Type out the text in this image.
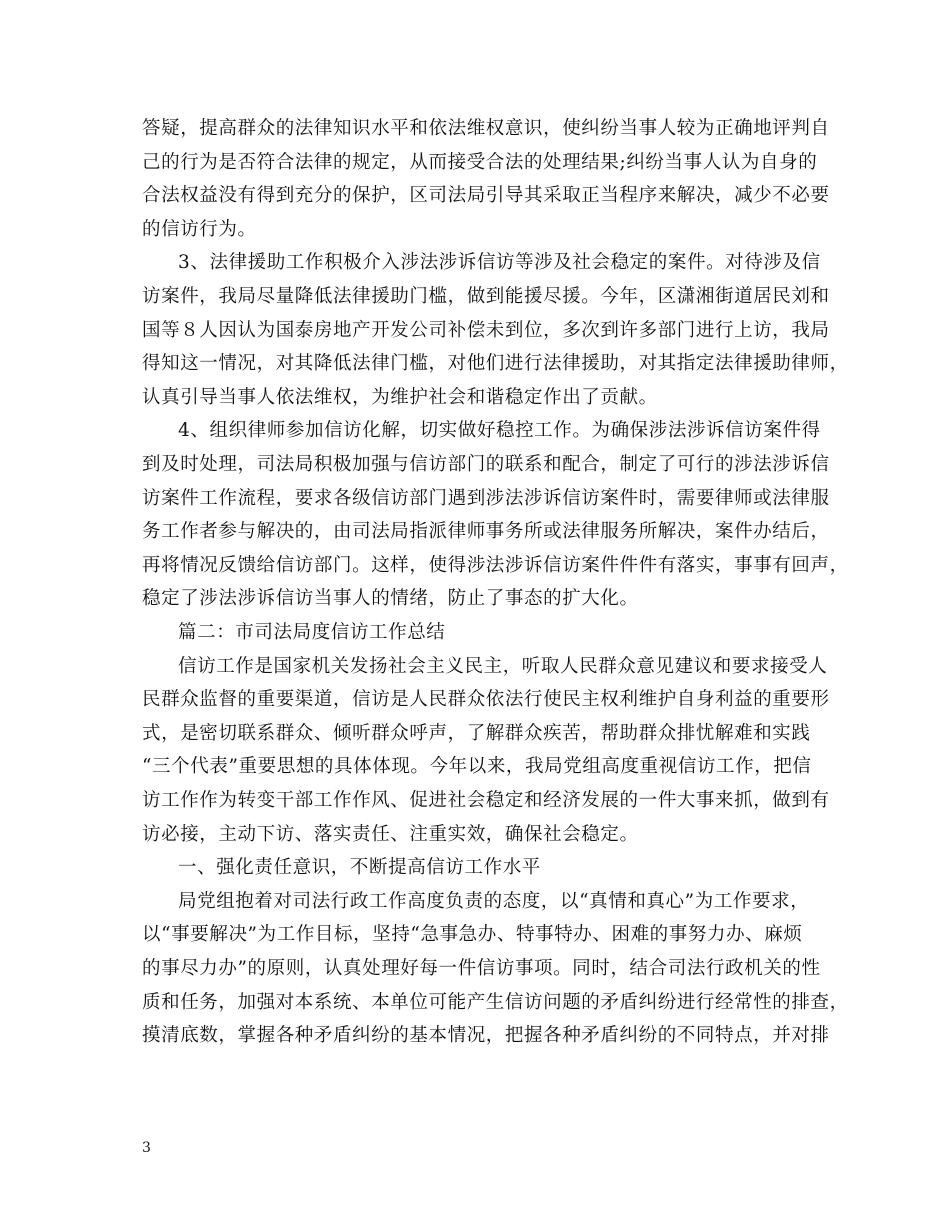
答疑，提高群众的法律知识水平和依法维权意识，使纠纷当事人较为正确地评判自
己的行为是否符合法律的规定，从而接受合法的处理结果;纠纷当事人认为自身的
合法权益没有得到充分的保护，区司法局引导其采取正当程序来解决，减少不必要
的信访行为。
3、法律援助工作积极介入涉法涉诉信访等涉及社会稳定的案件。对待涉及信
访案件，我局尽量降低法律援助门槛，做到能援尽援。今年，区潇湘街道居民刘和
国等８人因认为国泰房地产开发公司补偿未到位，多次到许多部门进行上访，我局
得知这一情况，对其降低法律门槛，对他们进行法律援助，对其指定法律援助律师，
认真引导当事人依法维权，为维护社会和谐稳定作出了贡献。
4、组织律师参加信访化解，切实做好稳控工作。为确保涉法涉诉信访案件得
到及时处理，司法局积极加强与信访部门的联系和配合，制定了可行的涉法涉诉信
访案件工作流程，要求各级信访部门遇到涉法涉诉信访案件时，需要律师或法律服
务工作者参与解决的，由司法局指派律师事务所或法律服务所解决，案件办结后，
再将情况反馈给信访部门。这样，使得涉法涉诉信访案件件件有落实，事事有回声，
稳定了涉法涉诉信访当事人的情绪，防止了事态的扩大化。
篇二：市司法局度信访工作总结
信访工作是国家机关发扬社会主义民主，听取人民群众意见建议和要求接受人
民群众监督的重要渠道，信访是人民群众依法行使民主权利维护自身利益的重要形
式，是密切联系群众、倾听群众呼声，了解群众疾苦，帮助群众排忧解难和实践
“三个代表”重要思想的具体体现。今年以来，我局党组高度重视信访工作，把信
访工作作为转变干部工作作风、促进社会稳定和经济发展的一件大事来抓，做到有
访必接，主动下访、落实责任、注重实效，确保社会稳定。
一、强化责任意识，不断提高信访工作水平
局党组抱着对司法行政工作高度负责的态度，以“真情和真心”为工作要求，
以“事要解决”为工作目标，坚持“急事急办、特事特办、困难的事努力办、麻烦
的事尽力办”的原则，认真处理好每一件信访事项。同时，结合司法行政机关的性
质和任务，加强对本系统、本单位可能产生信访问题的矛盾纠纷进行经常性的排查，
摸清底数，掌握各种矛盾纠纷的基本情况，把握各种矛盾纠纷的不同特点，并对排
3
